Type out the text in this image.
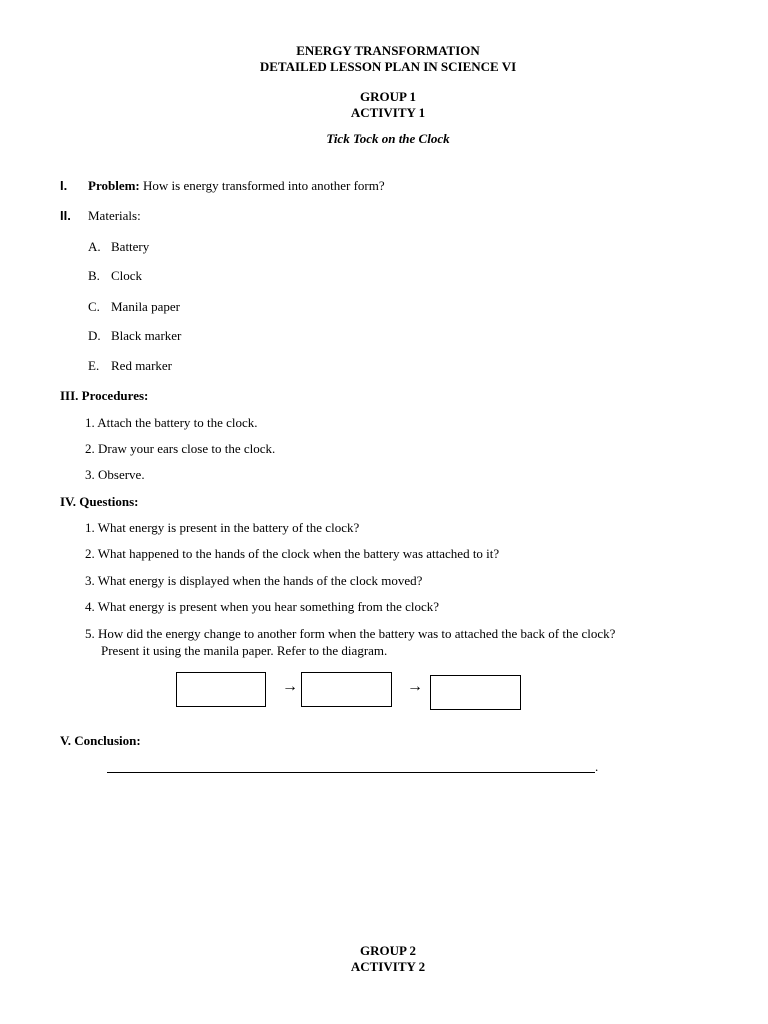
ENERGY TRANSFORMATION
DETAILED LESSON PLAN IN SCIENCE VI
GROUP 1
ACTIVITY 1
Tick Tock on the Clock
I. Problem: How is energy transformed into another form?
II. Materials:
A. Battery
B. Clock
C. Manila paper
D. Black marker
E. Red marker
III. Procedures:
1. Attach the battery to the clock.
2. Draw your ears close to the clock.
3. Observe.
IV. Questions:
1. What energy is present in the battery of the clock?
2. What happened to the hands of the clock when the battery was attached to it?
3. What energy is displayed when the hands of the clock moved?
4. What energy is present when you hear something from the clock?
5. How did the energy change to another form when the battery was to attached the back of the clock?
Present it using the manila paper. Refer to the diagram.
→	→
V. Conclusion:
.
GROUP 2
ACTIVITY 2
